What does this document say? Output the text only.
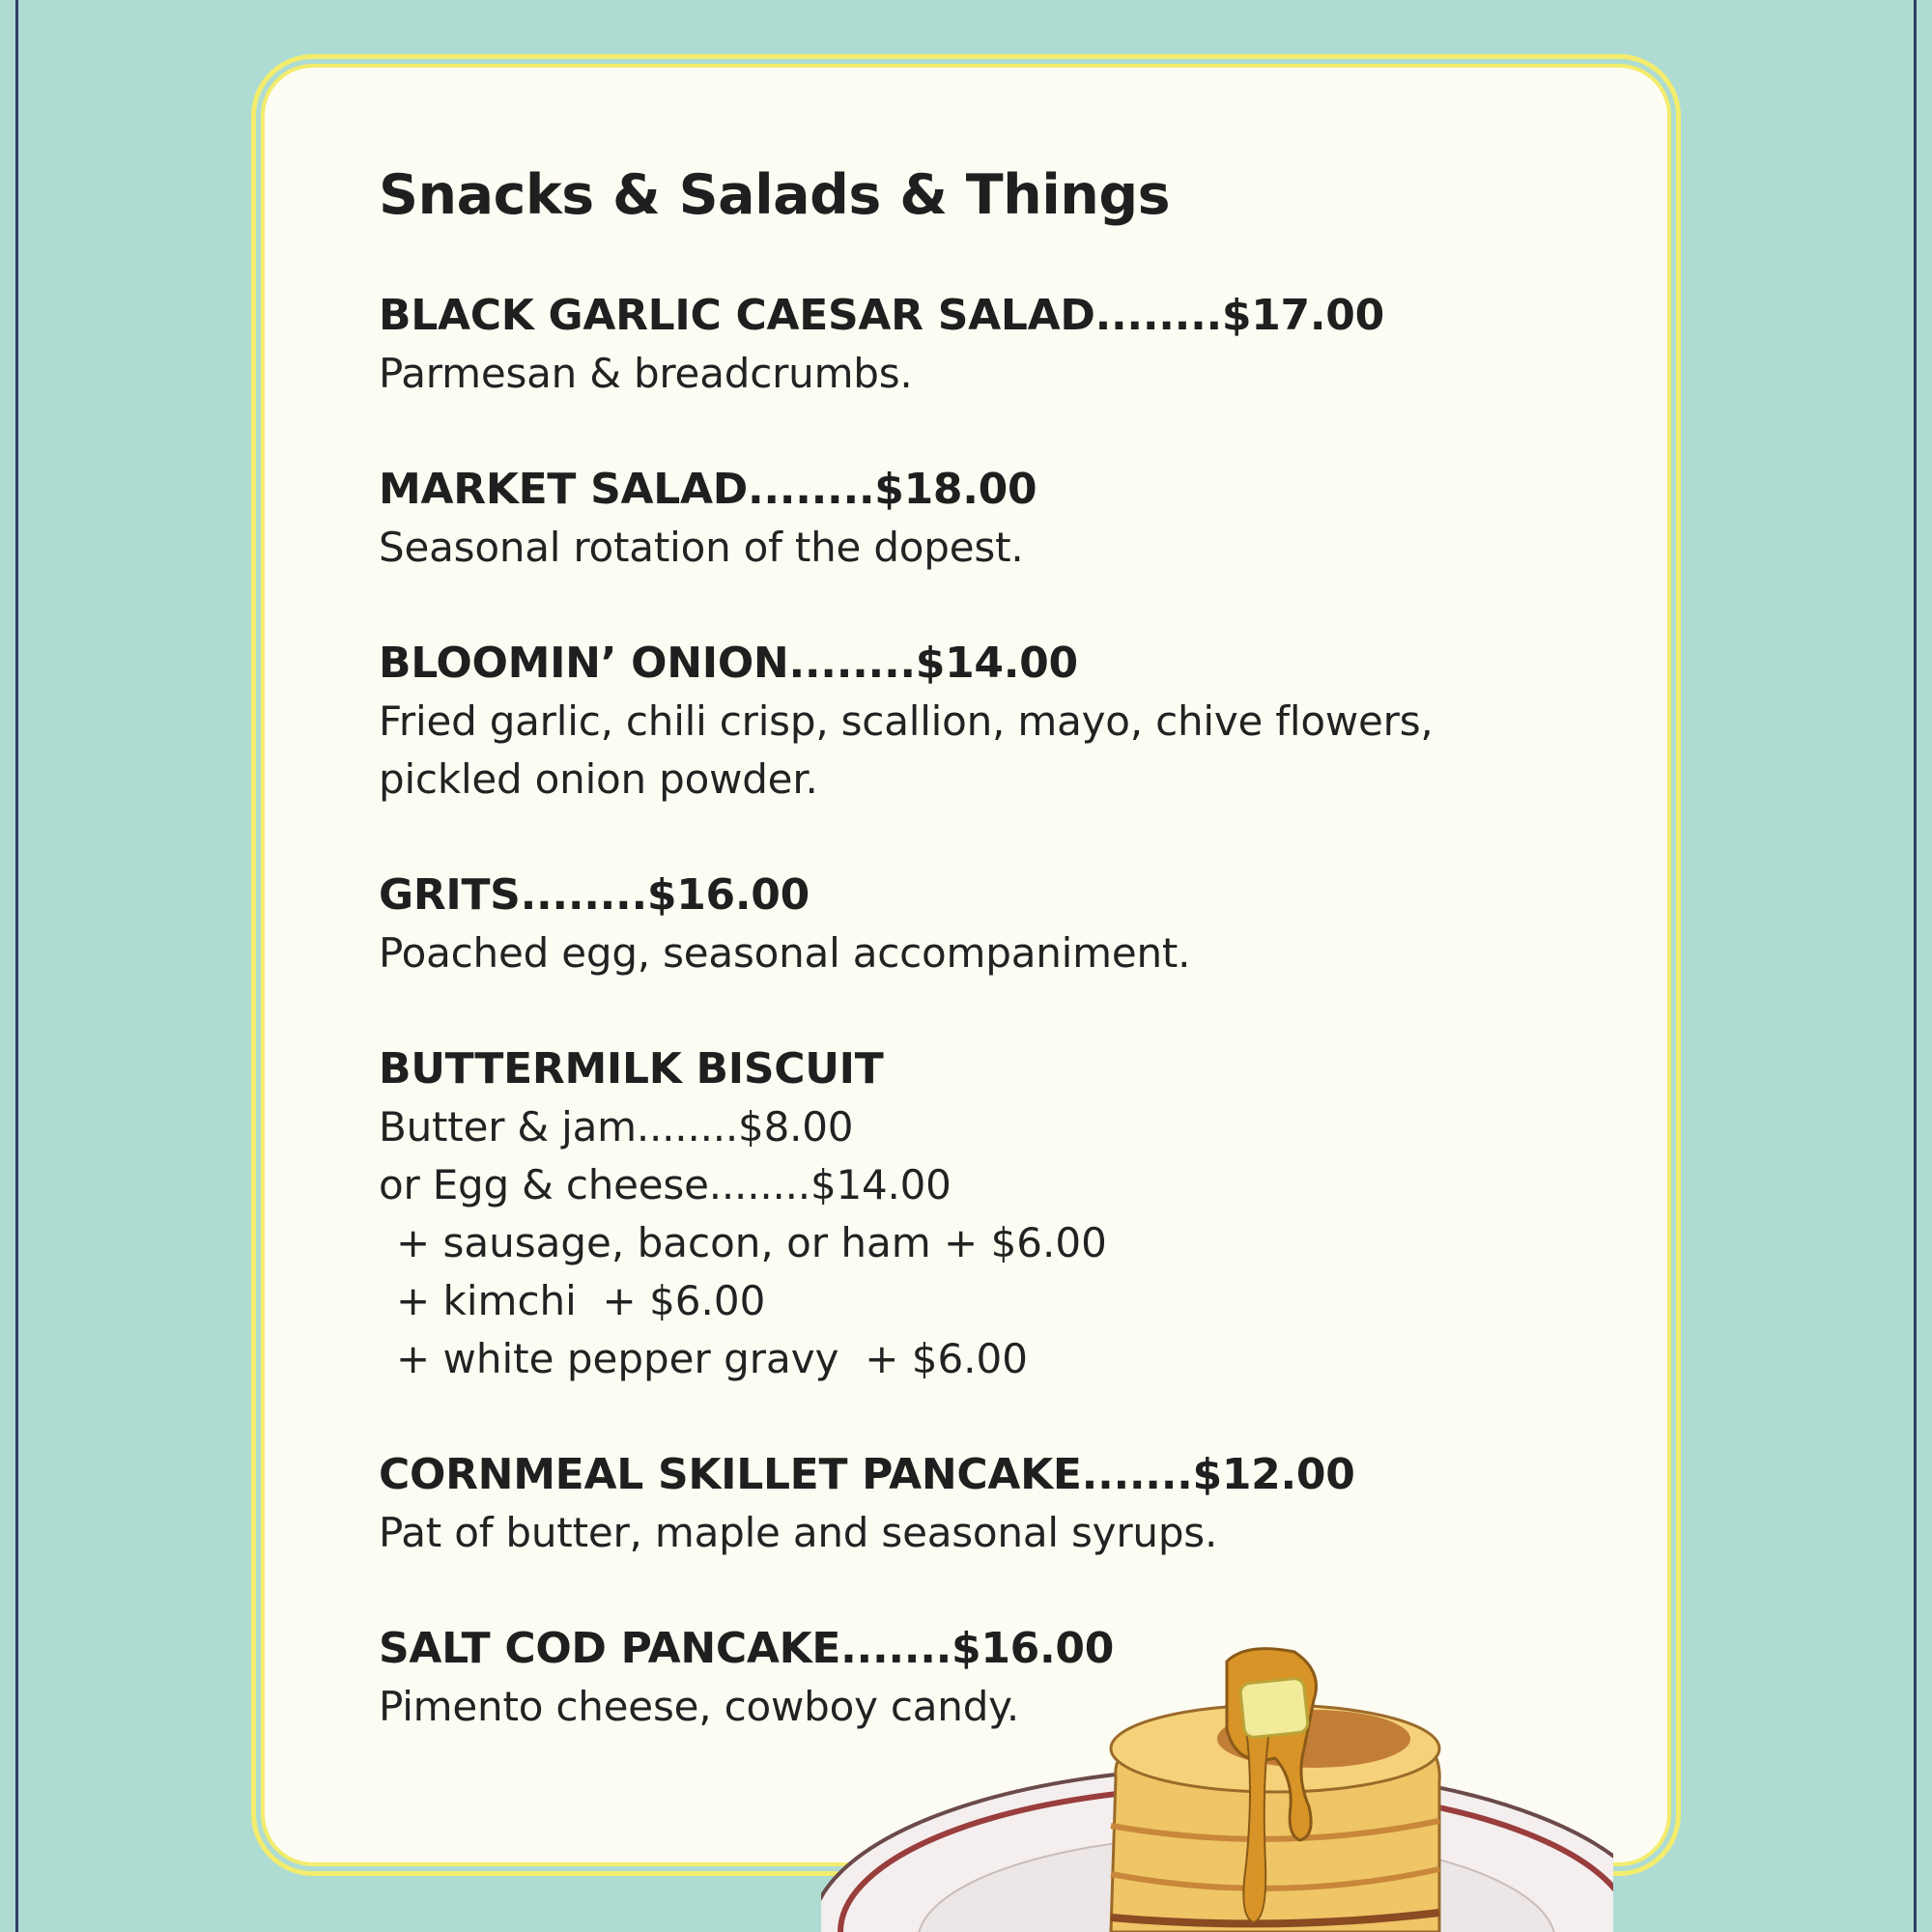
Snacks & Salads & Things
BLACK GARLIC CAESAR SALAD........$17.00
Parmesan & breadcrumbs.
MARKET SALAD........$18.00
Seasonal rotation of the dopest.
BLOOMIN’ ONION........$14.00
Fried garlic, chili crisp, scallion, mayo, chive flowers,
pickled onion powder.
GRITS........$16.00
Poached egg, seasonal accompaniment.
BUTTERMILK BISCUIT
Butter & jam........$8.00
or Egg & cheese........$14.00
+ sausage, bacon, or ham + $6.00
+ kimchi  + $6.00
+ white pepper gravy  + $6.00
CORNMEAL SKILLET PANCAKE.......$12.00
Pat of butter, maple and seasonal syrups.
SALT COD PANCAKE.......$16.00
Pimento cheese, cowboy candy.
